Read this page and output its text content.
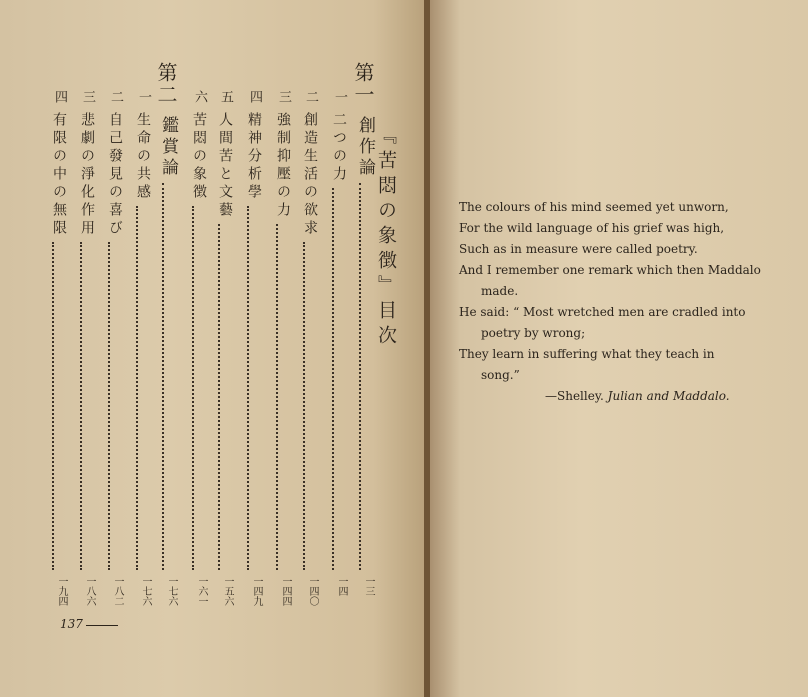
『苦悶の象徴』目次
第一
創作論
一三
一
二つの力
一四
二
創造生活の欲求
一四〇
三
強制抑壓の力
一四四
四
精神分析學
一四九
五
人間苦と文藝
一五六
六
苦悶の象徴
一六一
第二
鑑賞論
一七六
一
生命の共感
一七六
二
自己發見の喜び
一八二
三
悲劇の淨化作用
一八六
四
有限の中の無限
一九四
137
The colours of his mind seemed yet unworn,
For the wild language of his grief was high,
Such as in measure were called poetry.
And I remember one remark which then Maddalo
made.
He said: “ Most wretched men are cradled into
poetry by wrong;
They learn in suffering what they teach in
song.”
—Shelley. Julian and Maddalo.
